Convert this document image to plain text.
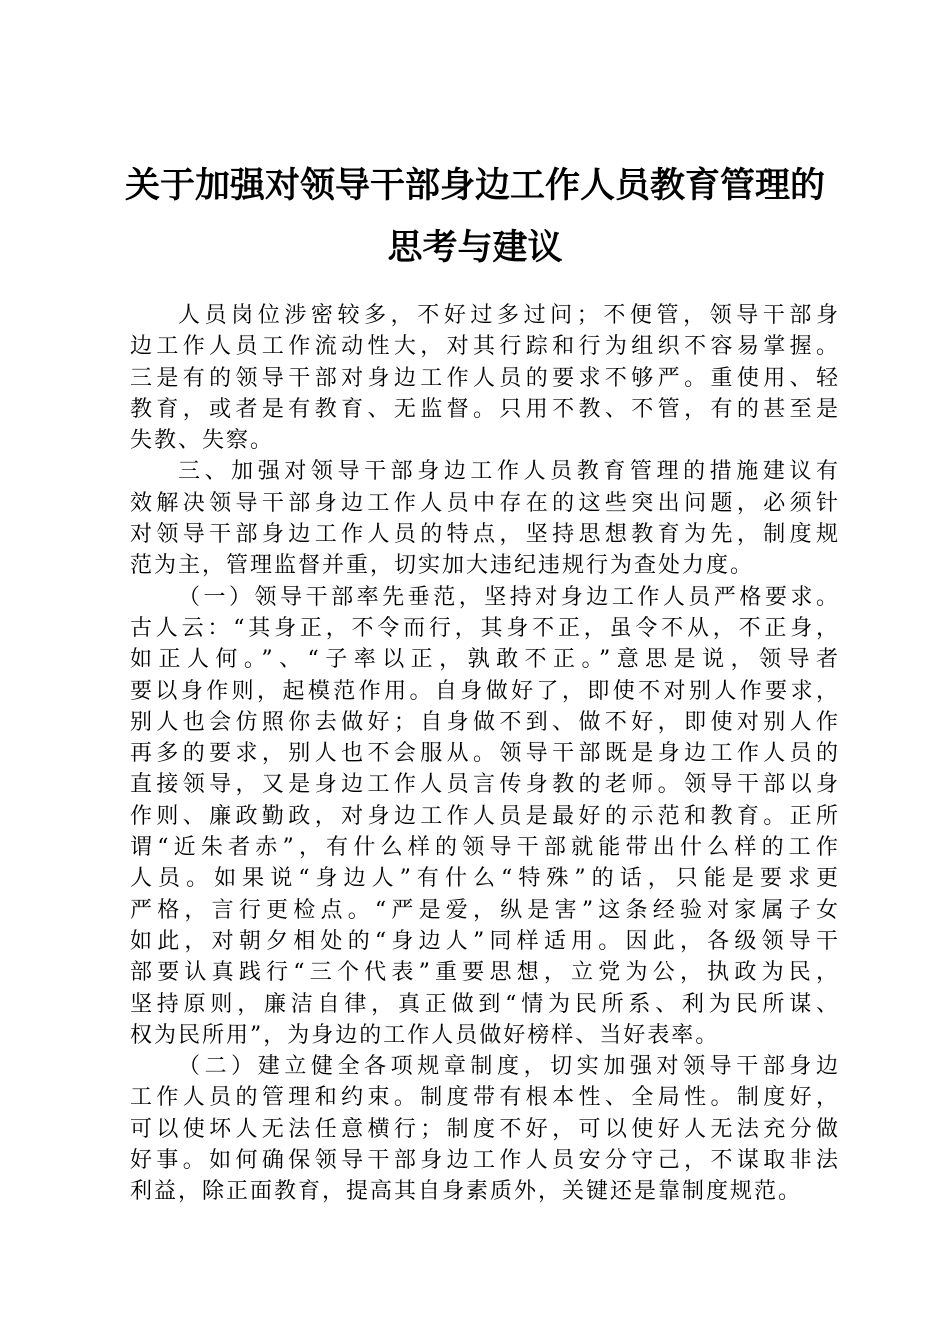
关于加强对领导干部身边工作人员教育管理的
思考与建议
人员岗位涉密较多，不好过多过问；不便管，领导干部身
边工作人员工作流动性大，对其行踪和行为组织不容易掌握。
三是有的领导干部对身边工作人员的要求不够严。重使用、轻
教育，或者是有教育、无监督。只用不教、不管，有的甚至是
失教、失察。
三、加强对领导干部身边工作人员教育管理的措施建议有
效解决领导干部身边工作人员中存在的这些突出问题，必须针
对领导干部身边工作人员的特点，坚持思想教育为先，制度规
范为主，管理监督并重，切实加大违纪违规行为查处力度。
（一）领导干部率先垂范，坚持对身边工作人员严格要求。
古人云：“其身正，不令而行，其身不正，虽令不从，不正身，
如正人何。”、“子率以正，孰敢不正。”意思是说，领导者
要以身作则，起模范作用。自身做好了，即使不对别人作要求，
别人也会仿照你去做好；自身做不到、做不好，即使对别人作
再多的要求，别人也不会服从。领导干部既是身边工作人员的
直接领导，又是身边工作人员言传身教的老师。领导干部以身
作则、廉政勤政，对身边工作人员是最好的示范和教育。正所
谓“近朱者赤”，有什么样的领导干部就能带出什么样的工作
人员。如果说“身边人”有什么“特殊”的话，只能是要求更
严格，言行更检点。“严是爱，纵是害”这条经验对家属子女
如此，对朝夕相处的“身边人”同样适用。因此，各级领导干
部要认真践行“三个代表”重要思想，立党为公，执政为民，
坚持原则，廉洁自律，真正做到“情为民所系、利为民所谋、
权为民所用”，为身边的工作人员做好榜样、当好表率。
（二）建立健全各项规章制度，切实加强对领导干部身边
工作人员的管理和约束。制度带有根本性、全局性。制度好，
可以使坏人无法任意横行；制度不好，可以使好人无法充分做
好事。如何确保领导干部身边工作人员安分守己，不谋取非法
利益，除正面教育，提高其自身素质外，关键还是靠制度规范。
